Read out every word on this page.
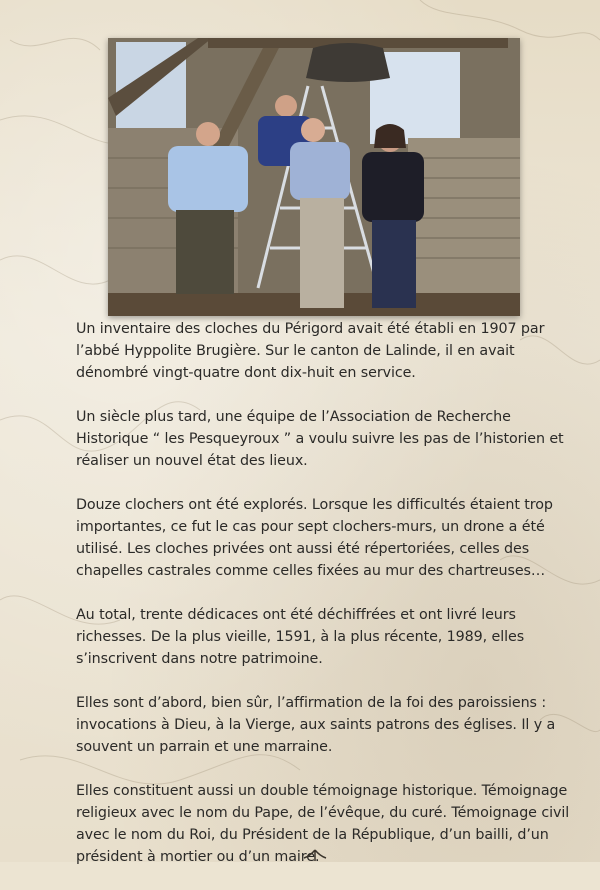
Un inventaire des cloches du Périgord avait été établi en 1907 par l’abbé Hyppolite Brugière. Sur le canton de Lalinde, il en avait dénombré vingt-quatre dont dix-huit en service.

Un siècle plus tard, une équipe de l’Association de Recherche Historique “ les Pesqueyroux ” a voulu suivre les pas de l’historien et réaliser un nouvel état des lieux.

Douze clochers ont été explorés. Lorsque les difficultés étaient trop importantes, ce fut le cas pour sept clochers-murs, un drone a été utilisé. Les cloches privées ont aussi été répertoriées, celles des chapelles castrales comme celles fixées au mur des chartreuses…

Au total, trente dédicaces ont été déchiffrées et ont livré leurs richesses. De la plus vieille, 1591, à la plus récente, 1989, elles s’inscrivent dans notre patrimoine.

Elles sont d’abord, bien sûr, l’affirmation de la foi des paroissiens : invocations à Dieu, à la Vierge, aux saints patrons des églises. Il y a souvent un parrain et une marraine.

Elles constituent aussi un double témoignage historique. Témoignage religieux avec le nom du Pape, de l’évêque, du curé. Témoignage civil avec le nom du Roi, du Président de la République, d’un bailli, d’un président à mortier ou d’un maire.
